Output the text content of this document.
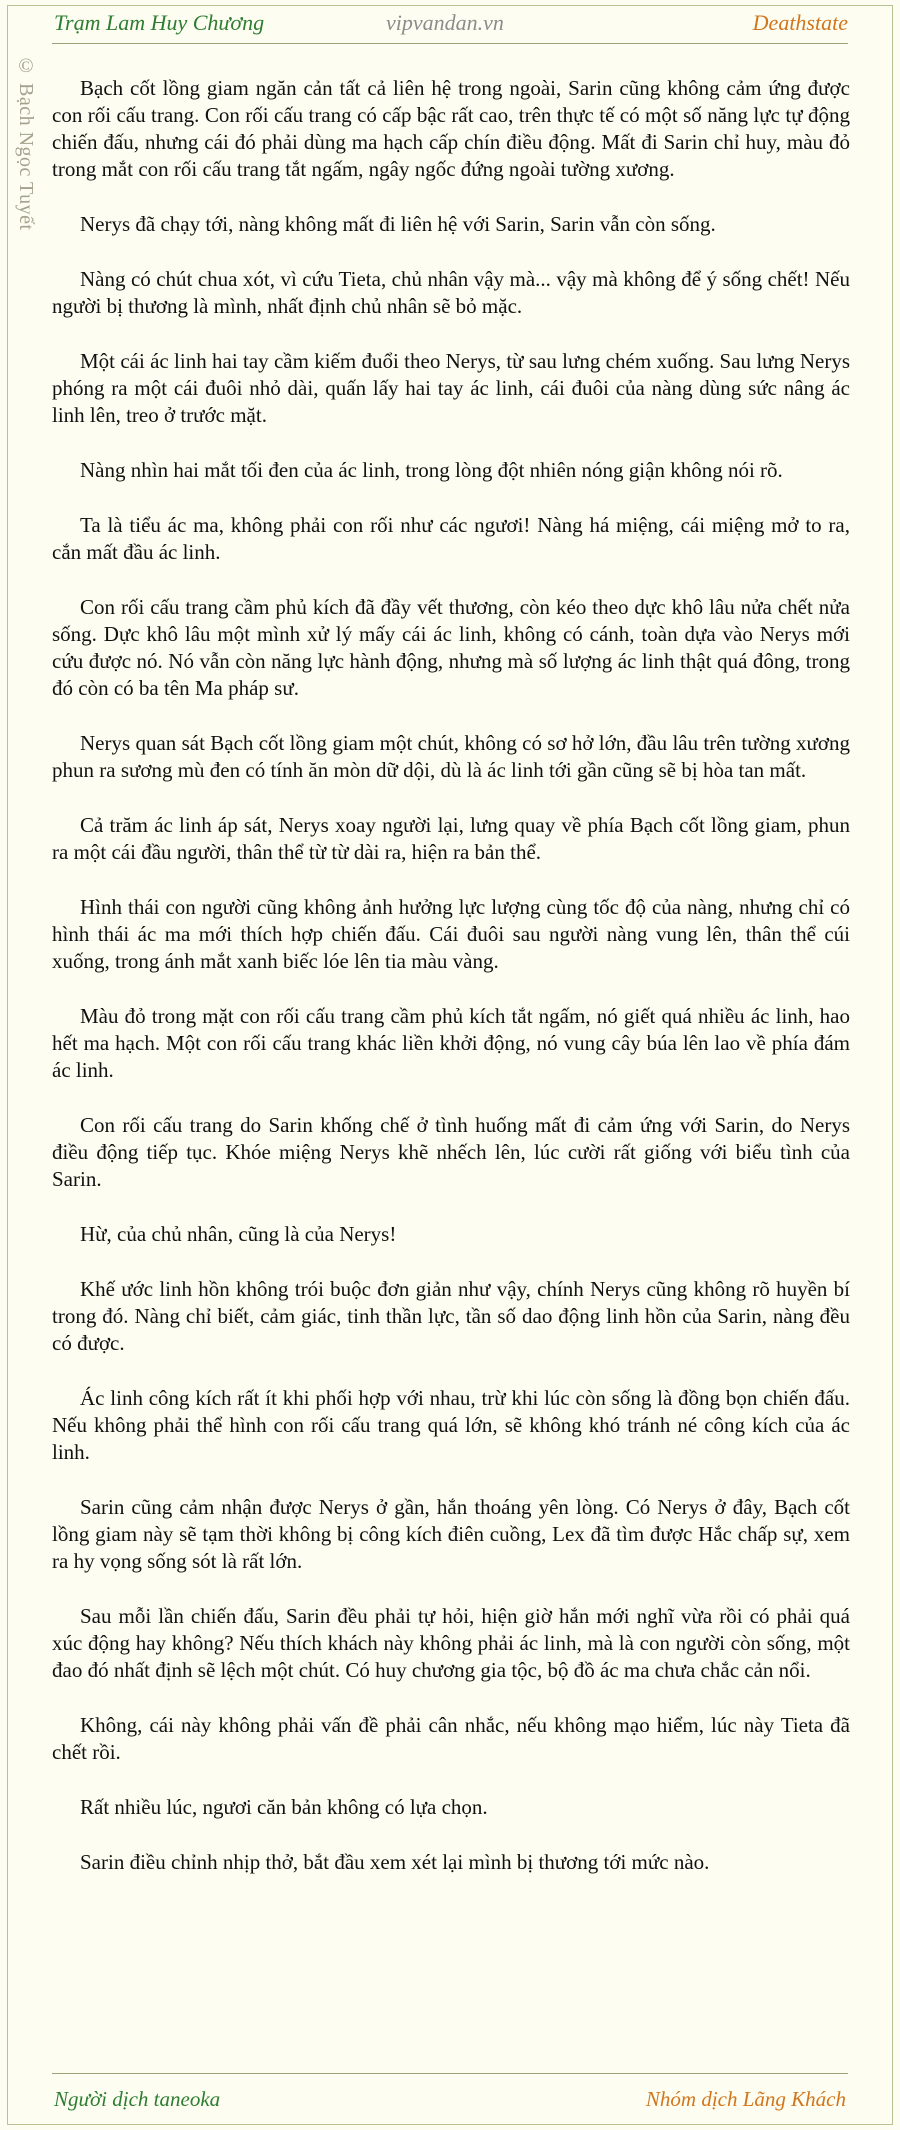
Trạm Lam Huy Chương	vipvandan.vn	Deathstate
© Bạch Ngọc Tuyết	Bạch cốt lồng giam ngăn cản tất cả liên hệ trong ngoài, Sarin cũng không cảm ứng được con rối cấu trang. Con rối cấu trang có cấp bậc rất cao, trên thực tế có một số năng lực tự động chiến đấu, nhưng cái đó phải dùng ma hạch cấp chín điều động. Mất đi Sarin chỉ huy, màu đỏ trong mắt con rối cấu trang tắt ngấm, ngây ngốc đứng ngoài tường xương.

Nerys đã chạy tới, nàng không mất đi liên hệ với Sarin, Sarin vẫn còn sống.

Nàng có chút chua xót, vì cứu Tieta, chủ nhân vậy mà... vậy mà không để ý sống chết! Nếu người bị thương là mình, nhất định chủ nhân sẽ bỏ mặc.

Một cái ác linh hai tay cầm kiếm đuổi theo Nerys, từ sau lưng chém xuống. Sau lưng Nerys phóng ra một cái đuôi nhỏ dài, quấn lấy hai tay ác linh, cái đuôi của nàng dùng sức nâng ác linh lên, treo ở trước mặt.

Nàng nhìn hai mắt tối đen của ác linh, trong lòng đột nhiên nóng giận không nói rõ.

Ta là tiểu ác ma, không phải con rối như các ngươi! Nàng há miệng, cái miệng mở to ra, cắn mất đầu ác linh.

Con rối cấu trang cầm phủ kích đã đầy vết thương, còn kéo theo dực khô lâu nửa chết nửa sống. Dực khô lâu một mình xử lý mấy cái ác linh, không có cánh, toàn dựa vào Nerys mới cứu được nó. Nó vẫn còn năng lực hành động, nhưng mà số lượng ác linh thật quá đông, trong đó còn có ba tên Ma pháp sư.

Nerys quan sát Bạch cốt lồng giam một chút, không có sơ hở lớn, đầu lâu trên tường xương phun ra sương mù đen có tính ăn mòn dữ dội, dù là ác linh tới gần cũng sẽ bị hòa tan mất.

Cả trăm ác linh áp sát, Nerys xoay người lại, lưng quay về phía Bạch cốt lồng giam, phun ra một cái đầu người, thân thể từ từ dài ra, hiện ra bản thể.

Hình thái con người cũng không ảnh hưởng lực lượng cùng tốc độ của nàng, nhưng chỉ có hình thái ác ma mới thích hợp chiến đấu. Cái đuôi sau người nàng vung lên, thân thể cúi xuống, trong ánh mắt xanh biếc lóe lên tia màu vàng.

Màu đỏ trong mặt con rối cấu trang cầm phủ kích tắt ngấm, nó giết quá nhiều ác linh, hao hết ma hạch. Một con rối cấu trang khác liền khởi động, nó vung cây búa lên lao về phía đám ác linh.

Con rối cấu trang do Sarin khống chế ở tình huống mất đi cảm ứng với Sarin, do Nerys điều động tiếp tục. Khóe miệng Nerys khẽ nhếch lên, lúc cười rất giống với biểu tình của Sarin.

Hừ, của chủ nhân, cũng là của Nerys!

Khế ước linh hồn không trói buộc đơn giản như vậy, chính Nerys cũng không rõ huyền bí trong đó. Nàng chỉ biết, cảm giác, tinh thần lực, tần số dao động linh hồn của Sarin, nàng đều có được.

Ác linh công kích rất ít khi phối hợp với nhau, trừ khi lúc còn sống là đồng bọn chiến đấu. Nếu không phải thể hình con rối cấu trang quá lớn, sẽ không khó tránh né công kích của ác linh.

Sarin cũng cảm nhận được Nerys ở gần, hắn thoáng yên lòng. Có Nerys ở đây, Bạch cốt lồng giam này sẽ tạm thời không bị công kích điên cuồng, Lex đã tìm được Hắc chấp sự, xem ra hy vọng sống sót là rất lớn.

Sau mỗi lần chiến đấu, Sarin đều phải tự hỏi, hiện giờ hắn mới nghĩ vừa rồi có phải quá xúc động hay không? Nếu thích khách này không phải ác linh, mà là con người còn sống, một đao đó nhất định sẽ lệch một chút. Có huy chương gia tộc, bộ đồ ác ma chưa chắc cản nổi.

Không, cái này không phải vấn đề phải cân nhắc, nếu không mạo hiểm, lúc này Tieta đã chết rồi.

Rất nhiều lúc, ngươi căn bản không có lựa chọn.

Sarin điều chỉnh nhịp thở, bắt đầu xem xét lại mình bị thương tới mức nào.

Người dịch taneoka	Nhóm dịch Lãng Khách
